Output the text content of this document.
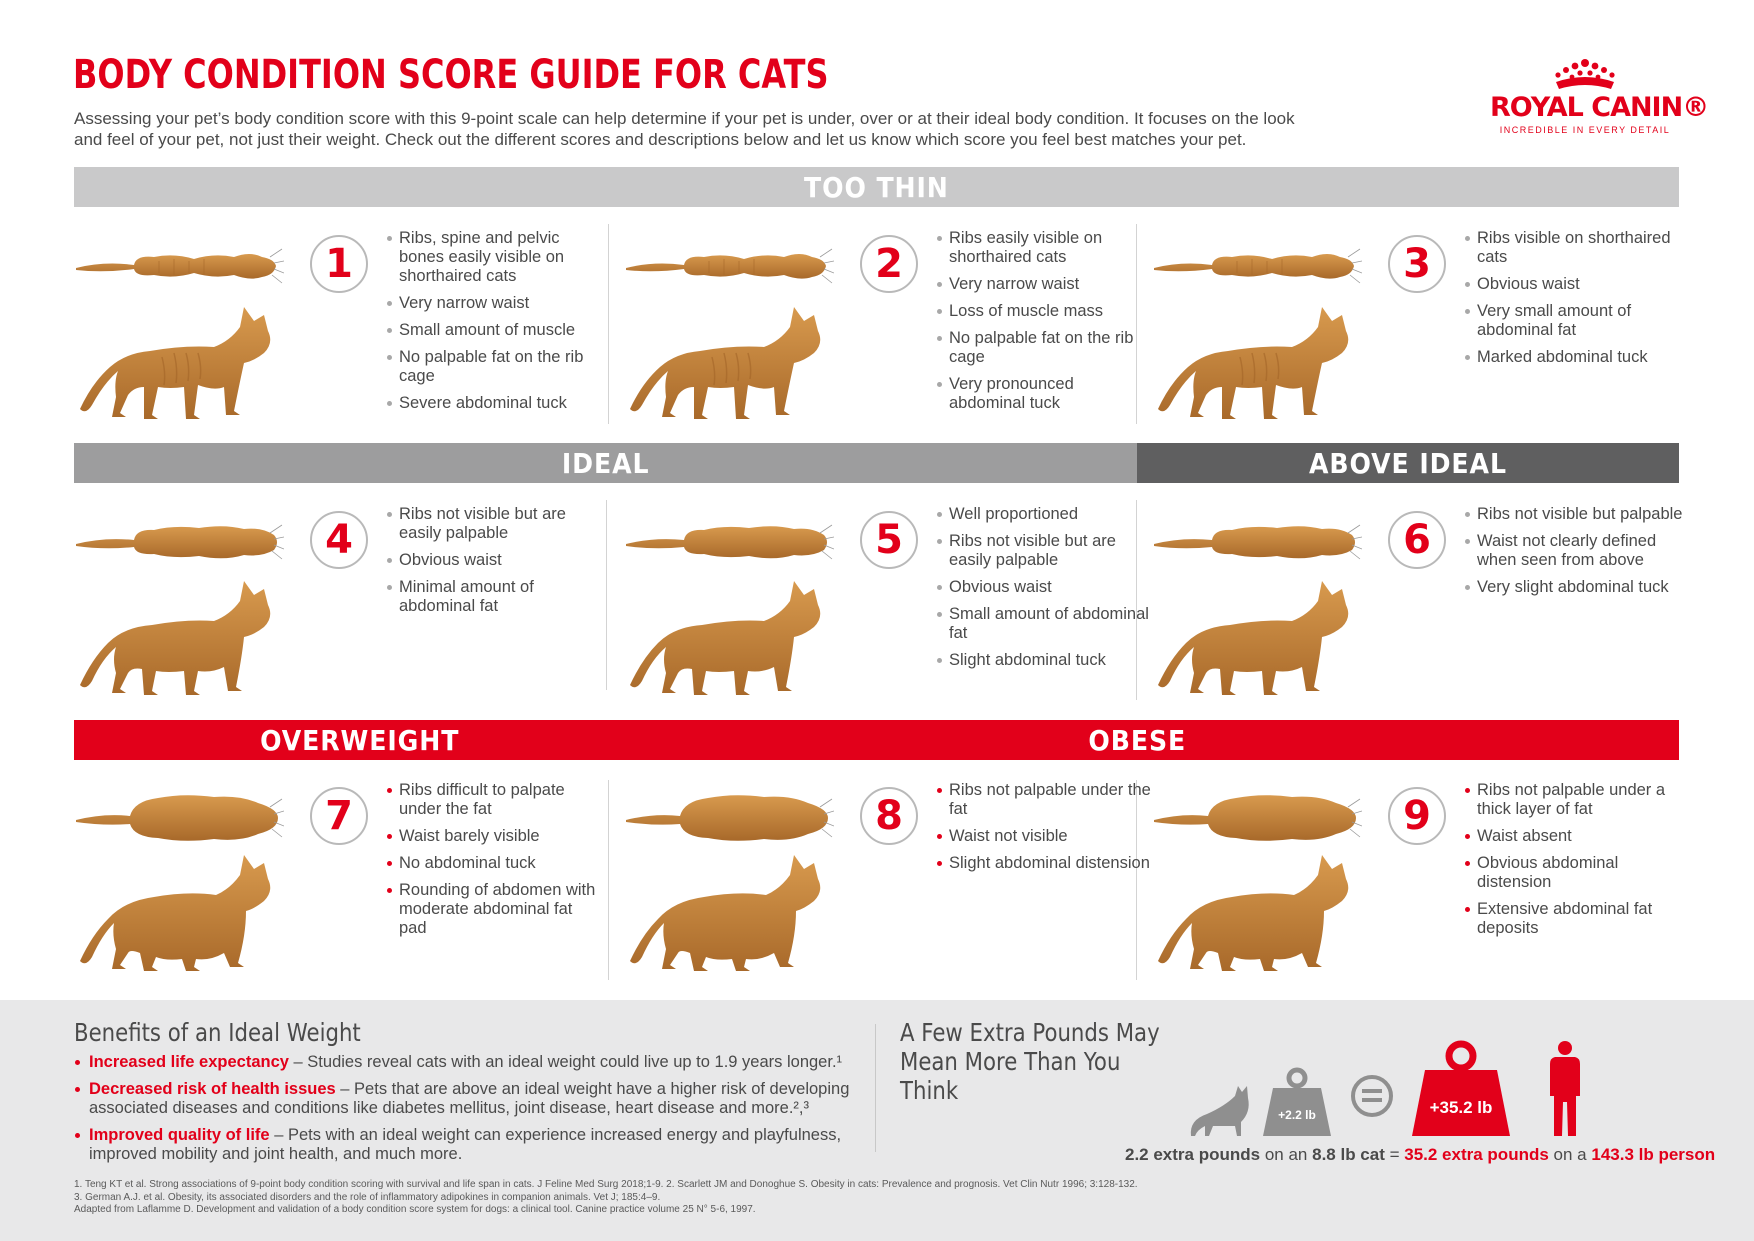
BODY CONDITION SCORE GUIDE FOR CATS
Assessing your pet’s body condition score with this 9-point scale can help determine if your pet is under, over or at their ideal body condition. It focuses on the look and feel of your pet, not just their weight. Check out the different scores and descriptions below and let us know which score you feel best matches your pet.
ROYAL CANIN®
INCREDIBLE IN EVERY DETAIL
TOO THIN
IDEAL	ABOVE IDEAL
OVERWEIGHT	OBESE
1
Ribs, spine and pelvic bones easily visible on shorthaired cats
Very narrow waist
Small amount of muscle
No palpable fat on the rib cage
Severe abdominal tuck
2
Ribs easily visible on shorthaired cats
Very narrow waist
Loss of muscle mass
No palpable fat on the rib cage
Very pronounced abdominal tuck
3
Ribs visible on shorthaired cats
Obvious waist
Very small amount of abdominal fat
Marked abdominal tuck
4
Ribs not visible but are easily palpable
Obvious waist
Minimal amount of abdominal fat
5
Well proportioned
Ribs not visible but are easily palpable
Obvious waist
Small amount of abdominal fat
Slight abdominal tuck
6
Ribs not visible but palpable
Waist not clearly defined when seen from above
Very slight abdominal tuck
7
Ribs difficult to palpate under the fat
Waist barely visible
No abdominal tuck
Rounding of abdomen with moderate abdominal fat pad
8
Ribs not palpable under the fat
Waist not visible
Slight abdominal distension
9
Ribs not palpable under a thick layer of fat
Waist absent
Obvious abdominal distension
Extensive abdominal fat deposits
Benefits of an Ideal Weight
Increased life expectancy – Studies reveal cats with an ideal weight could live up to 1.9 years longer.¹
Decreased risk of health issues – Pets that are above an ideal weight have a higher risk of developing associated diseases and conditions like diabetes mellitus, joint disease, heart disease and more.²,³
Improved quality of life – Pets with an ideal weight can experience increased energy and playfulness, improved mobility and joint health, and much more.
A Few Extra Pounds May Mean More Than You Think
+2.2 lb	+35.2 lb
2.2 extra pounds on an 8.8 lb cat = 35.2 extra pounds on a 143.3 lb person
1. Teng KT et al. Strong associations of 9-point body condition scoring with survival and life span in cats. J Feline Med Surg 2018;1-9. 2. Scarlett JM and Donoghue S. Obesity in cats: Prevalence and prognosis. Vet Clin Nutr 1996; 3:128-132.
3. German A.J. et al. Obesity, its associated disorders and the role of inflammatory adipokines in companion animals. Vet J; 185:4–9.
Adapted from Laflamme D. Development and validation of a body condition score system for dogs: a clinical tool. Canine practice volume 25 N° 5-6, 1997.
